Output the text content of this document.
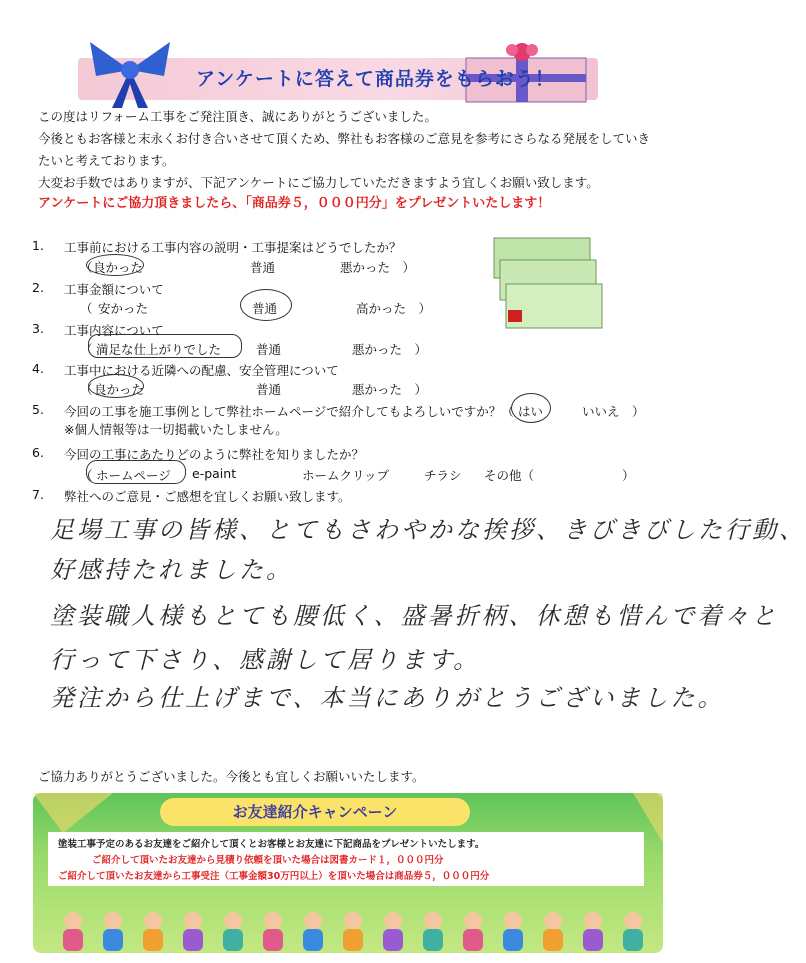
アンケートに答えて商品券をもらおう！
この度はリフォーム工事をご発注頂き、誠にありがとうございました。
今後ともお客様と末永くお付き合いさせて頂くため、弊社もお客様のご意見を参考にさらなる発展をしていき
たいと考えております。
大変お手数ではありますが、下記アンケートにご協力していただきますよう宜しくお願い致します。
アンケートにご協力頂きましたら、「商品券５，０００円分」をプレゼントいたします！
1. 工事前における工事内容の説明・工事提案はどうでしたか？
（ 良かった	普通	悪かった　）
2. 工事金額について
（ 安かった	普通	高かった　）
3. 工事内容について
（ 満足な仕上がりでした	普通	悪かった　）
4. 工事中における近隣への配慮、安全管理について
（ 良かった	普通	悪かった　）
5. 今回の工事を施工事例として弊社ホームページで紹介してもよろしいですか？（ はい	いいえ　）
※個人情報等は一切掲載いたしません。
6. 今回の工事にあたりどのように弊社を知りましたか？
（ ホームページ e-paint	ホームクリップ	チラシ その他（	）
7. 弊社へのご意見・ご感想を宜しくお願い致します。
足場工事の皆様、とてもさわやかな挨拶、きびきびした行動、
好感持たれました。
塗装職人様もとても腰低く、盛暑折柄、休憩も惜んで着々と
行って下さり、感謝して居ります。
発注から仕上げまで、本当にありがとうございました。
ご協力ありがとうございました。今後とも宜しくお願いいたします。
お友達紹介キャンペーン
塗装工事予定のあるお友達をご紹介して頂くとお客様とお友達に下記商品をプレゼントいたします。
ご紹介して頂いたお友達から見積り依頼を頂いた場合は図書カード１，０００円分
ご紹介して頂いたお友達から工事受注（工事金額30万円以上）を頂いた場合は商品券５，０００円分
